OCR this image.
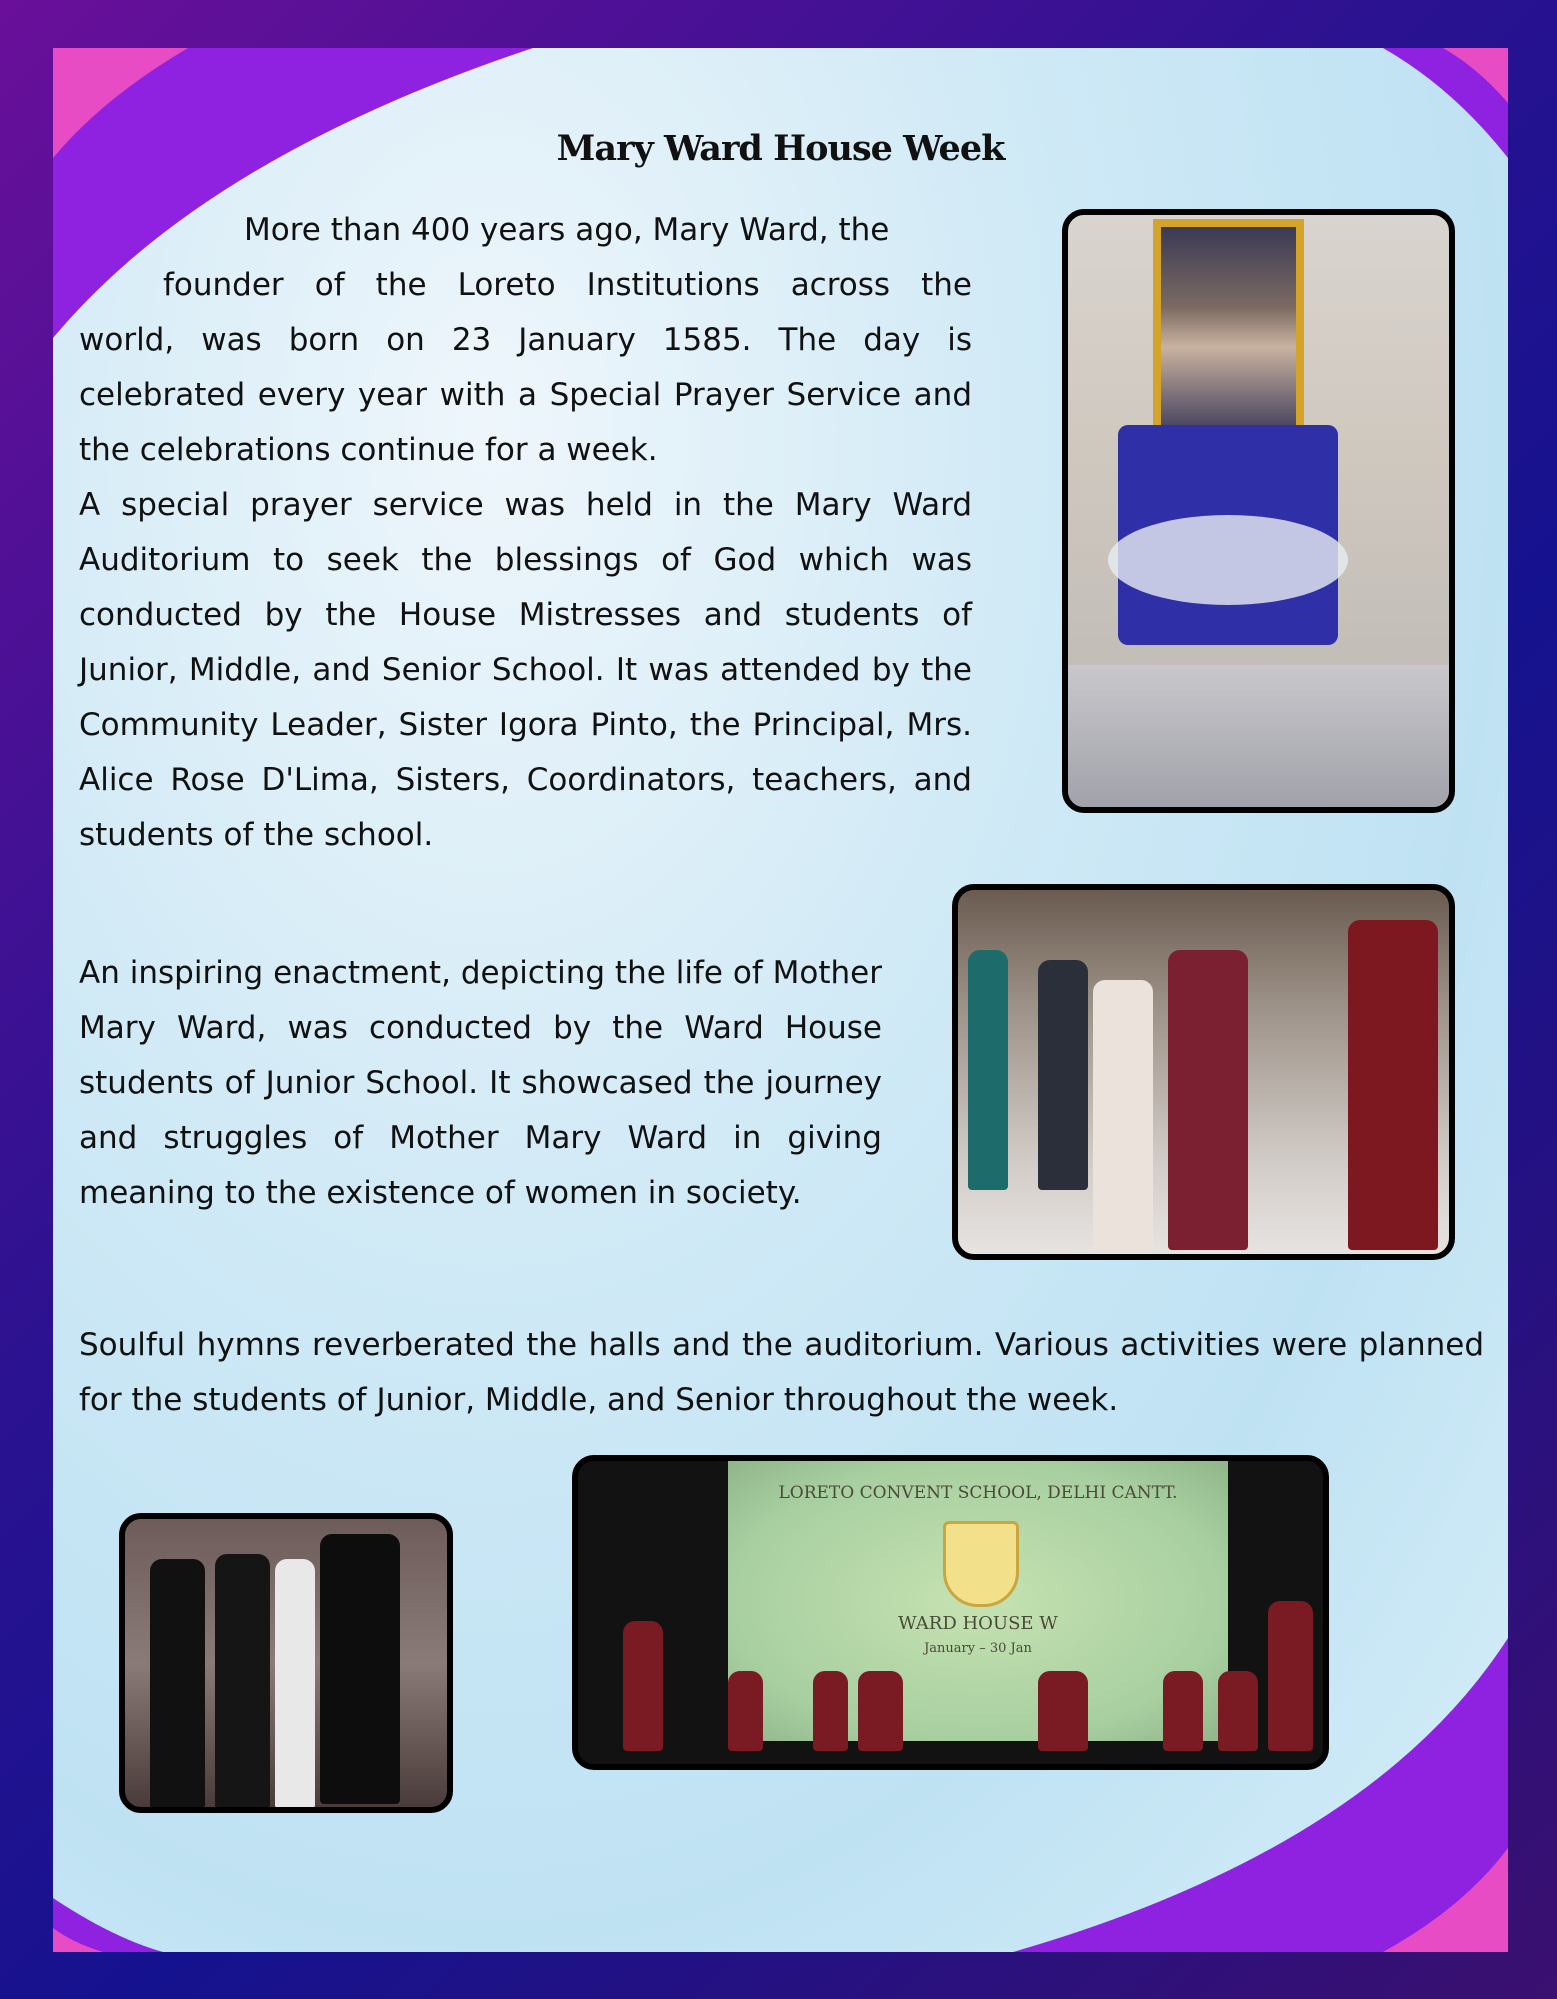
Mary Ward House Week
More than 400 years ago, Mary Ward, the
founder of the Loreto Institutions across the
world, was born on 23 January 1585. The day is celebrated every year with a Special Prayer Service and the celebrations continue for a week.
A special prayer service was held in the Mary Ward Auditorium to seek the blessings of God which was conducted by the House Mistresses and students of Junior, Middle, and Senior School. It was attended by the Community Leader, Sister Igora Pinto, the Principal, Mrs. Alice Rose D'Lima, Sisters, Coordinators, teachers, and students of the school.
An inspiring enactment, depicting the life of Mother Mary Ward, was conducted by the Ward House students of Junior School. It showcased the journey and struggles of Mother Mary Ward in giving meaning to the existence of women in society.
Soulful hymns reverberated the halls and the auditorium. Various activities were planned for the students of Junior, Middle, and Senior throughout the week.
LORETO CONVENT SCHOOL, DELHI CANTT.
WARD HOUSE W
January – 30 Jan
